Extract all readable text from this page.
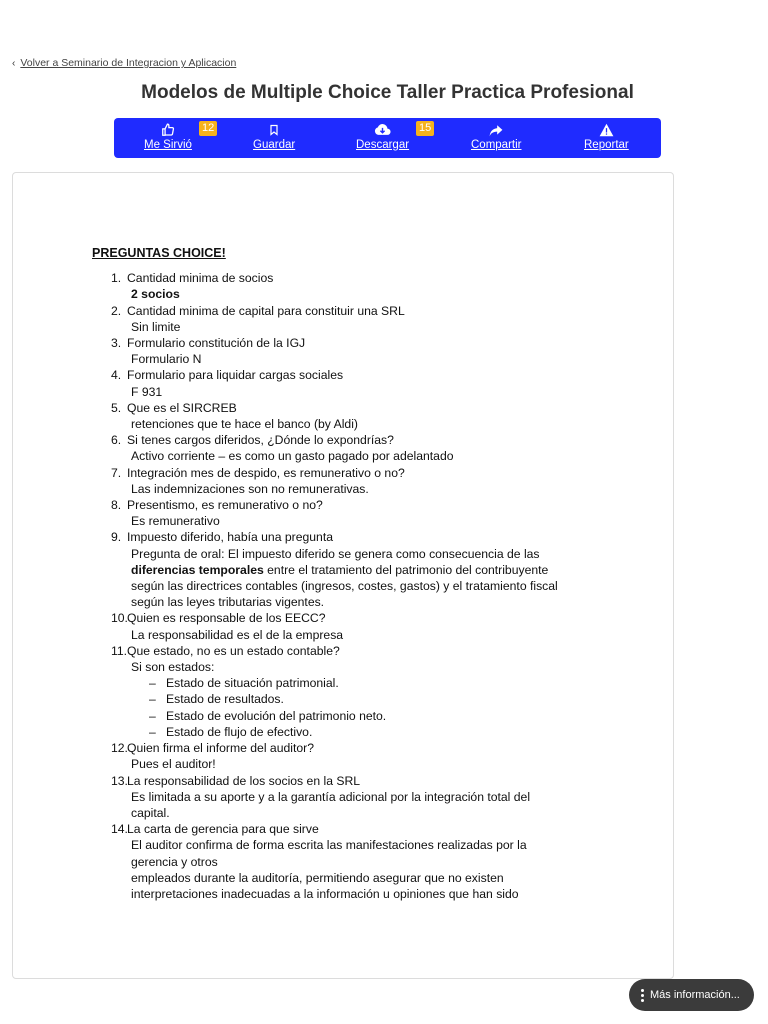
‹ Volver a Seminario de Integracion y Aplicacion
Modelos de Multiple Choice Taller Practica Profesional
Me Sirvió
12
Guardar	Descargar
15
Compartir	Reportar
PREGUNTAS CHOICE!
1. Cantidad minima de socios
2 socios
2. Cantidad minima de capital para constituir una SRL
Sin limite
3. Formulario constitución de la IGJ
Formulario N
4. Formulario para liquidar cargas sociales
F 931
5. Que es el SIRCREB
retenciones que te hace el banco (by Aldi)
6. Si tenes cargos diferidos, ¿Dónde lo expondrías?
Activo corriente – es como un gasto pagado por adelantado
7. Integración mes de despido, es remunerativo o no?
Las indemnizaciones son no remunerativas.
8. Presentismo, es remunerativo o no?
Es remunerativo
9. Impuesto diferido, había una pregunta
Pregunta de oral: El impuesto diferido se genera como consecuencia de las
diferencias temporales entre el tratamiento del patrimonio del contribuyente
según las directrices contables (ingresos, costes, gastos) y el tratamiento fiscal
según las leyes tributarias vigentes.
10. Quien es responsable de los EECC?
La responsabilidad es el de la empresa
11. Que estado, no es un estado contable?
Si son estados:
– Estado de situación patrimonial.
– Estado de resultados.
– Estado de evolución del patrimonio neto.
– Estado de flujo de efectivo.
12. Quien firma el informe del auditor?
Pues el auditor!
13. La responsabilidad de los socios en la SRL
Es limitada a su aporte y a la garantía adicional por la integración total del
capital.
14. La carta de gerencia para que sirve
El auditor confirma de forma escrita las manifestaciones realizadas por la
gerencia y otros
empleados durante la auditoría, permitiendo asegurar que no existen
interpretaciones inadecuadas a la información u opiniones que han sido
Más información...
